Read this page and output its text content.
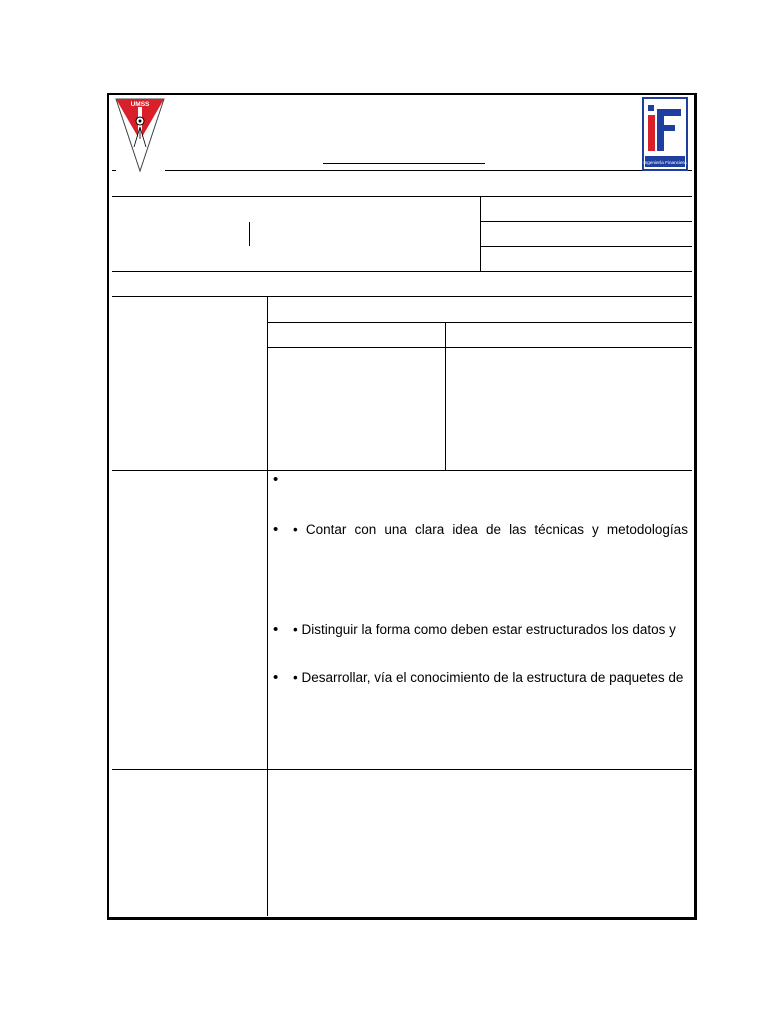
UMSS
Ingeniería Financiera
•
•	• Contar con una clara idea de las técnicas y metodologías
• • Distinguir la forma como deben estar estructurados los datos y
• • Desarrollar, vía el conocimiento de la estructura de paquetes de
